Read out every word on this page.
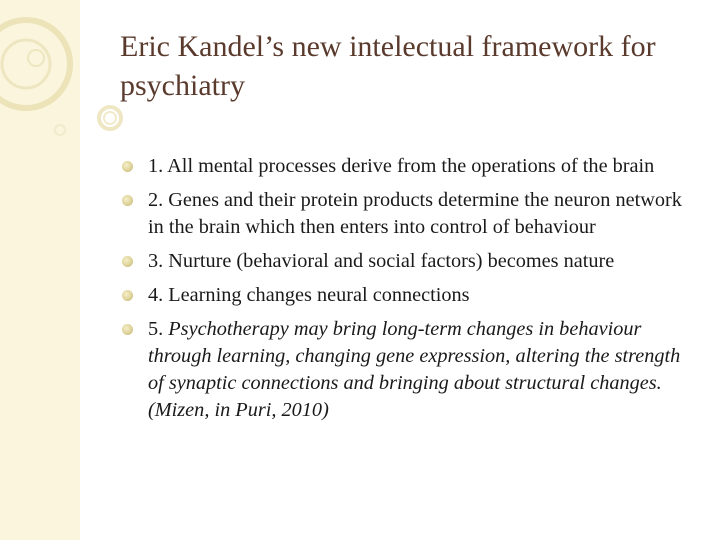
Eric Kandel’s new intelectual framework for psychiatry
1. All mental processes derive from the operations of the brain
2. Genes and their protein products determine the neuron network in the brain which then enters into control of behaviour
3. Nurture (behavioral and social factors) becomes nature
4. Learning changes neural connections
5. Psychotherapy may bring long-term changes in behaviour through learning, changing gene expression, altering the strength of synaptic connections and bringing about structural changes. (Mizen, in Puri, 2010)
